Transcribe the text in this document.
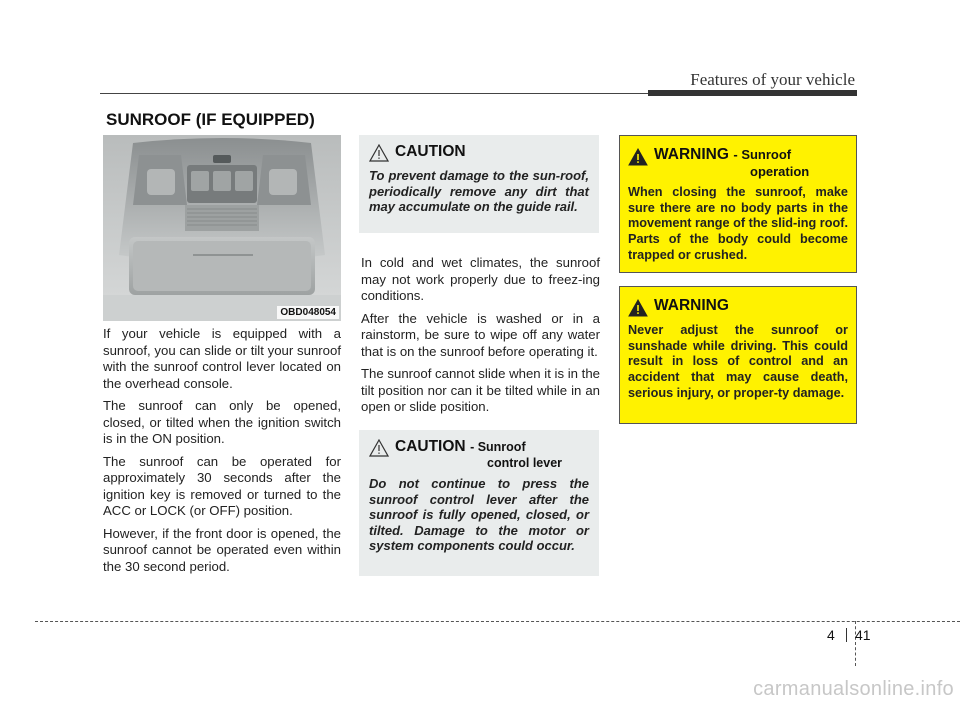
Features of your vehicle
SUNROOF (IF EQUIPPED)
OBD048054

If your vehicle is equipped with a sunroof, you can slide or tilt your sunroof with the sunroof control lever located on the overhead console.

The sunroof can only be opened, closed, or tilted when the ignition switch is in the ON position.

The sunroof can be operated for approximately 30 seconds after the ignition key is removed or turned to the ACC or LOCK (or OFF) position.

However, if the front door is opened, the sunroof cannot be operated even within the 30 second period.

CAUTION
To prevent damage to the sun-roof, periodically remove any dirt that may accumulate on the guide rail.

In cold and wet climates, the sunroof may not work properly due to freez-ing conditions.

After the vehicle is washed or in a rainstorm, be sure to wipe off any water that is on the sunroof before operating it.

The sunroof cannot slide when it is in the tilt position nor can it be tilted while in an open or slide position.

CAUTION - Sunroof
control lever
Do not continue to press the sunroof control lever after the sunroof is fully opened, closed, or tilted. Damage to the motor or system components could occur.
WARNING - Sunroof
operation
When closing the sunroof, make sure there are no body parts in the movement range of the slid-ing roof. Parts of the body could become trapped or crushed.
WARNING
Never adjust the sunroof or sunshade while driving. This could result in loss of control and an accident that may cause death, serious injury, or proper-ty damage.
4 41
carmanualsonline.info
